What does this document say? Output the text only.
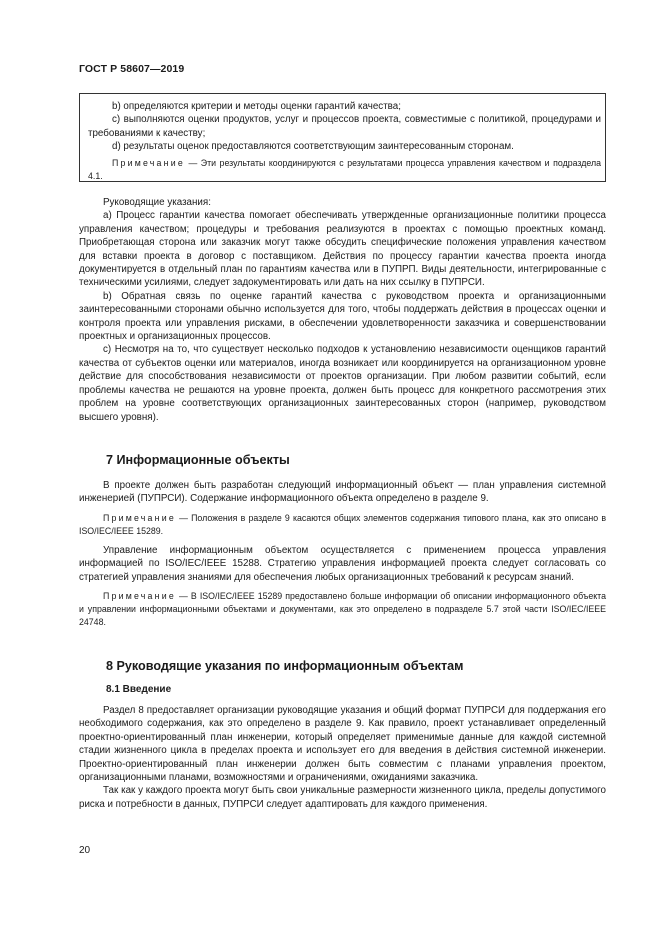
ГОСТ Р 58607—2019

b) определяются критерии и методы оценки гарантий качества;

c) выполняются оценки продуктов, услуг и процессов проекта, совместимые с политикой, процедурами и требованиями к качеству;

d) результаты оценок предоставляются соответствующим заинтересованным сторонам.

Примечание — Эти результаты координируются с результатами процесса управления качеством и подраздела 4.1.

Руководящие указания:

a) Процесс гарантии качества помогает обеспечивать утвержденные организационные политики процесса управления качеством; процедуры и требования реализуются в проектах с помощью проектных команд. Приобретающая сторона или заказчик могут также обсудить специфические положения управления качеством для вставки проекта в договор с поставщиком. Действия по процессу гарантии качества проекта иногда документируется в отдельный план по гарантиям качества или в ПУПРП. Виды деятельности, интегрированные с техническими усилиями, следует задокументировать или дать на них ссылку в ПУПРСИ.

b) Обратная связь по оценке гарантий качества с руководством проекта и организационными заинтересованными сторонами обычно используется для того, чтобы поддержать действия в процессах оценки и контроля проекта или управления рисками, в обеспечении удовлетворенности заказчика и совершенствовании проектных и организационных процессов.

c) Несмотря на то, что существует несколько подходов к установлению независимости оценщиков гарантий качества от субъектов оценки или материалов, иногда возникает или координируется на организационном уровне действие для способствования независимости от проектов организации. При любом развитии событий, если проблемы качества не решаются на уровне проекта, должен быть процесс для конкретного рассмотрения этих проблем на уровне соответствующих организационных заинтересованных сторон (например, руководством высшего уровня).

7 Информационные объекты

В проекте должен быть разработан следующий информационный объект — план управления системной инженерией (ПУПРСИ). Содержание информационного объекта определено в разделе 9.

Примечание — Положения в разделе 9 касаются общих элементов содержания типового плана, как это описано в ISO/IEC/IEEE 15289.

Управление информационным объектом осуществляется с применением процесса управления информацией по ISO/IEC/IEEE 15288. Стратегию управления информацией проекта следует согласовать со стратегией управления знаниями для обеспечения любых организационных требований к ресурсам знаний.

Примечание — В ISO/IEC/IEEE 15289 предоставлено больше информации об описании информационного объекта и управлении информационными объектами и документами, как это определено в подразделе 5.7 этой части ISO/IEC/IEEE 24748.

8 Руководящие указания по информационным объектам
8.1 Введение

Раздел 8 предоставляет организации руководящие указания и общий формат ПУПРСИ для поддержания его необходимого содержания, как это определено в разделе 9. Как правило, проект устанавливает определенный проектно-ориентированный план инженерии, который определяет применимые данные для каждой системной стадии жизненного цикла в пределах проекта и использует его для введения в действия системной инженерии. Проектно-ориентированный план инженерии должен быть совместим с планами управления проектом, организационными планами, возможностями и ограничениями, ожиданиями заказчика.

Так как у каждого проекта могут быть свои уникальные размерности жизненного цикла, пределы допустимого риска и потребности в данных, ПУПРСИ следует адаптировать для каждого применения.

20
